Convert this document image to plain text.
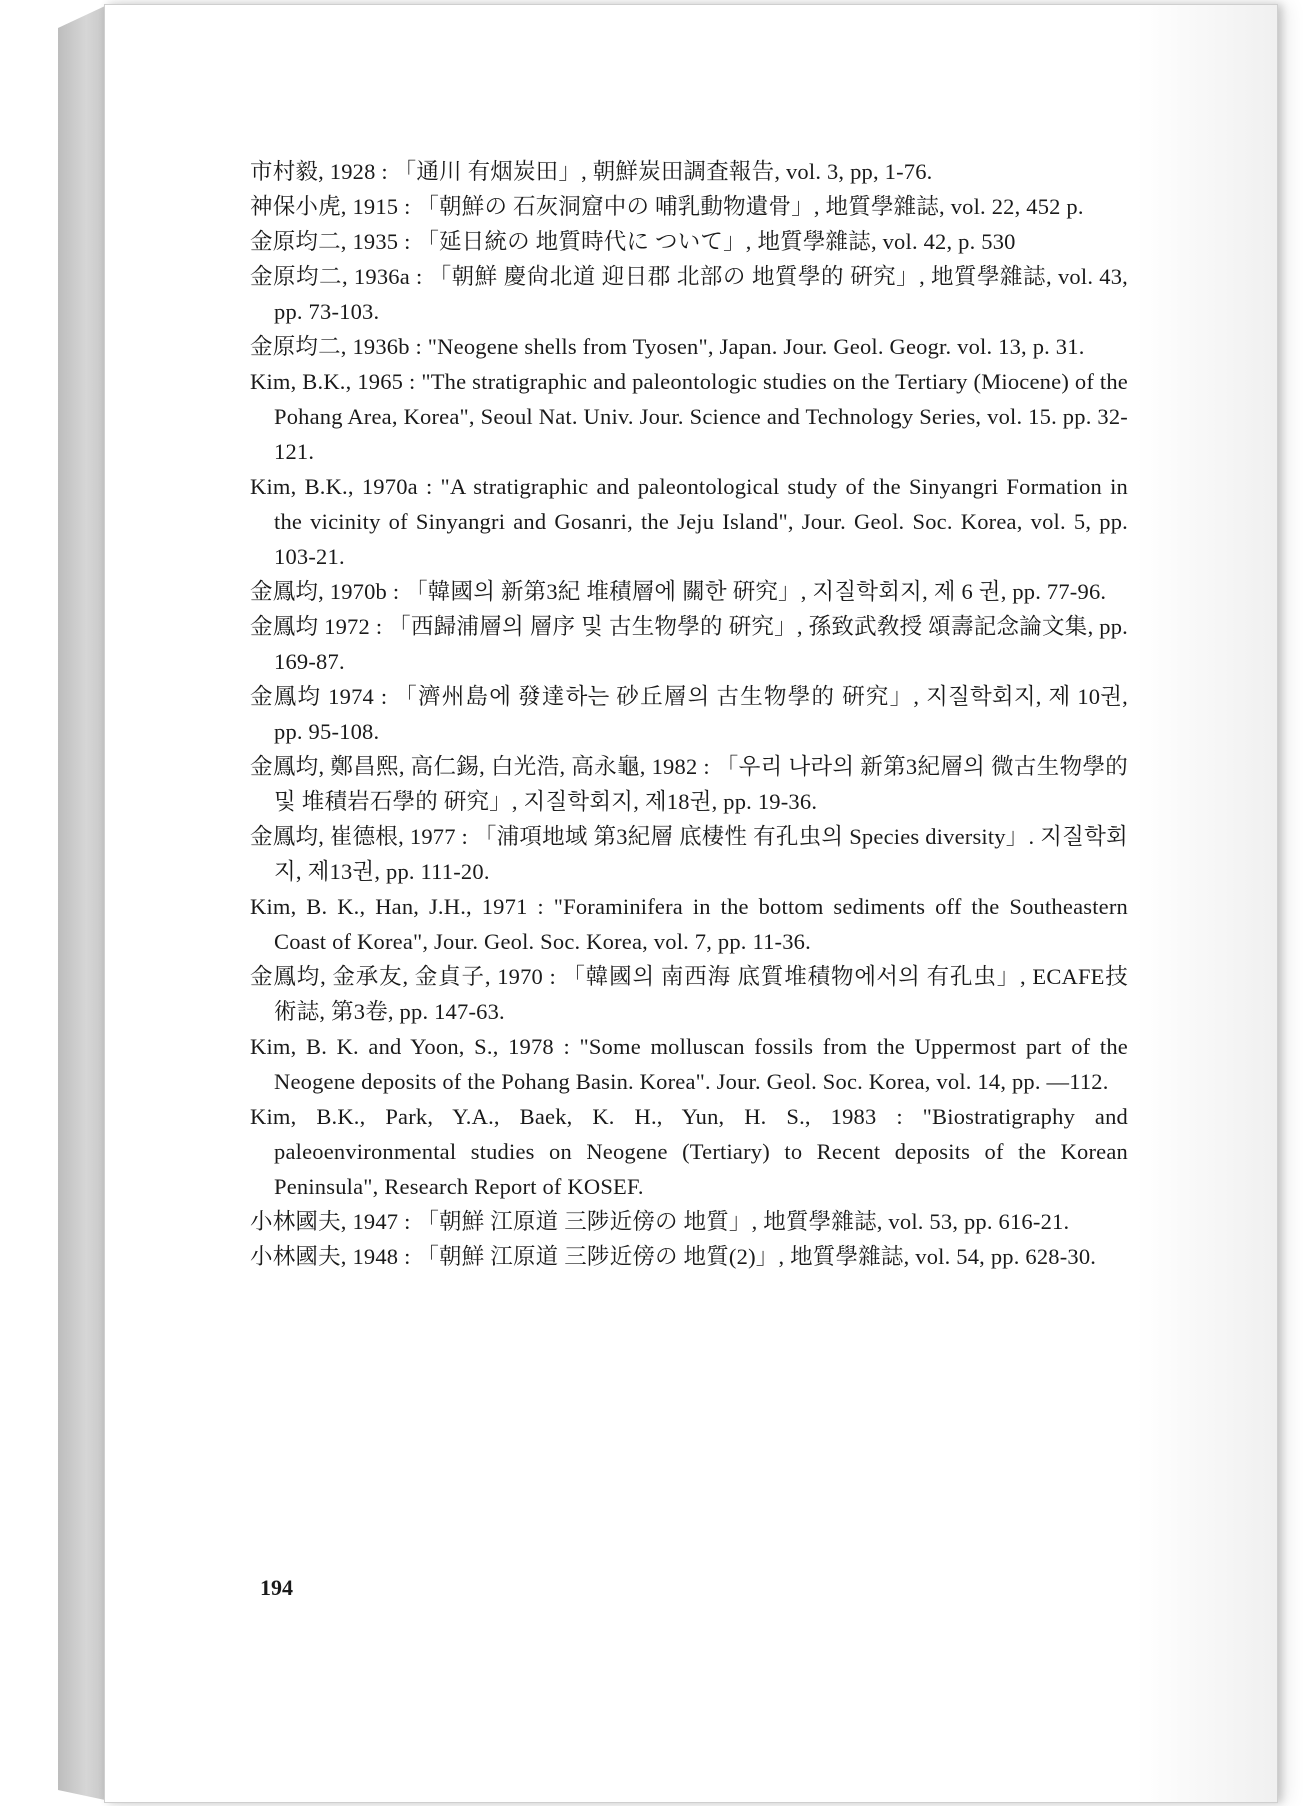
市村毅, 1928 : 「通川 有烟炭田」, 朝鮮炭田調査報告, vol. 3, pp, 1-76.

神保小虎, 1915 : 「朝鮮の 石灰洞窟中の 哺乳動物遺骨」, 地質學雜誌, vol. 22, 452 p.

金原均二, 1935 : 「延日統の 地質時代に ついて」, 地質學雜誌, vol. 42, p. 530

金原均二, 1936a : 「朝鮮 慶尙北道 迎日郡 北部の 地質學的 硏究」, 地質學雜誌, vol. 43, pp. 73-103.

金原均二, 1936b : "Neogene shells from Tyosen", Japan. Jour. Geol. Geogr. vol. 13, p. 31.

Kim, B.K., 1965 : "The stratigraphic and paleontologic studies on the Tertiary (Miocene) of the Pohang Area, Korea", Seoul Nat. Univ. Jour. Science and Technology Series, vol. 15. pp. 32-121.

Kim, B.K., 1970a : "A stratigraphic and paleontological study of the Sinyangri Formation in the vicinity of Sinyangri and Gosanri, the Jeju Island", Jour. Geol. Soc. Korea, vol. 5, pp. 103-21.

金鳳均, 1970b : 「韓國의 新第3紀 堆積層에 關한 硏究」, 지질학회지, 제 6 권, pp. 77-96.

金鳳均 1972 : 「西歸浦層의 層序 및 古生物學的 硏究」, 孫致武敎授 頌壽記念論文集, pp. 169-87.

金鳳均 1974 : 「濟州島에 發達하는 砂丘層의 古生物學的 硏究」, 지질학회지, 제 10권, pp. 95-108.

金鳳均, 鄭昌熙, 高仁錫, 白光浩, 高永龜, 1982 : 「우리 나라의 新第3紀層의 微古生物學的 및 堆積岩石學的 硏究」, 지질학회지, 제18권, pp. 19-36.

金鳳均, 崔德根, 1977 : 「浦項地域 第3紀層 底棲性 有孔虫의 Species diversity」. 지질학회지, 제13권, pp. 111-20.

Kim, B. K., Han, J.H., 1971 : "Foraminifera in the bottom sediments off the Southeastern Coast of Korea", Jour. Geol. Soc. Korea, vol. 7, pp. 11-36.

金鳳均, 金承友, 金貞子, 1970 : 「韓國의 南西海 底質堆積物에서의 有孔虫」, ECAFE技術誌, 第3卷, pp. 147-63.

Kim, B. K. and Yoon, S., 1978 : "Some molluscan fossils from the Uppermost part of the Neogene deposits of the Pohang Basin. Korea". Jour. Geol. Soc. Korea, vol. 14, pp. —112.

Kim, B.K., Park, Y.A., Baek, K. H., Yun, H. S., 1983 : "Biostratigraphy and paleoenvironmental studies on Neogene (Tertiary) to Recent deposits of the Korean Peninsula", Research Report of KOSEF.

小林國夫, 1947 : 「朝鮮 江原道 三陟近傍の 地質」, 地質學雜誌, vol. 53, pp. 616-21.

小林國夫, 1948 : 「朝鮮 江原道 三陟近傍の 地質(2)」, 地質學雜誌, vol. 54, pp. 628-30.

194
